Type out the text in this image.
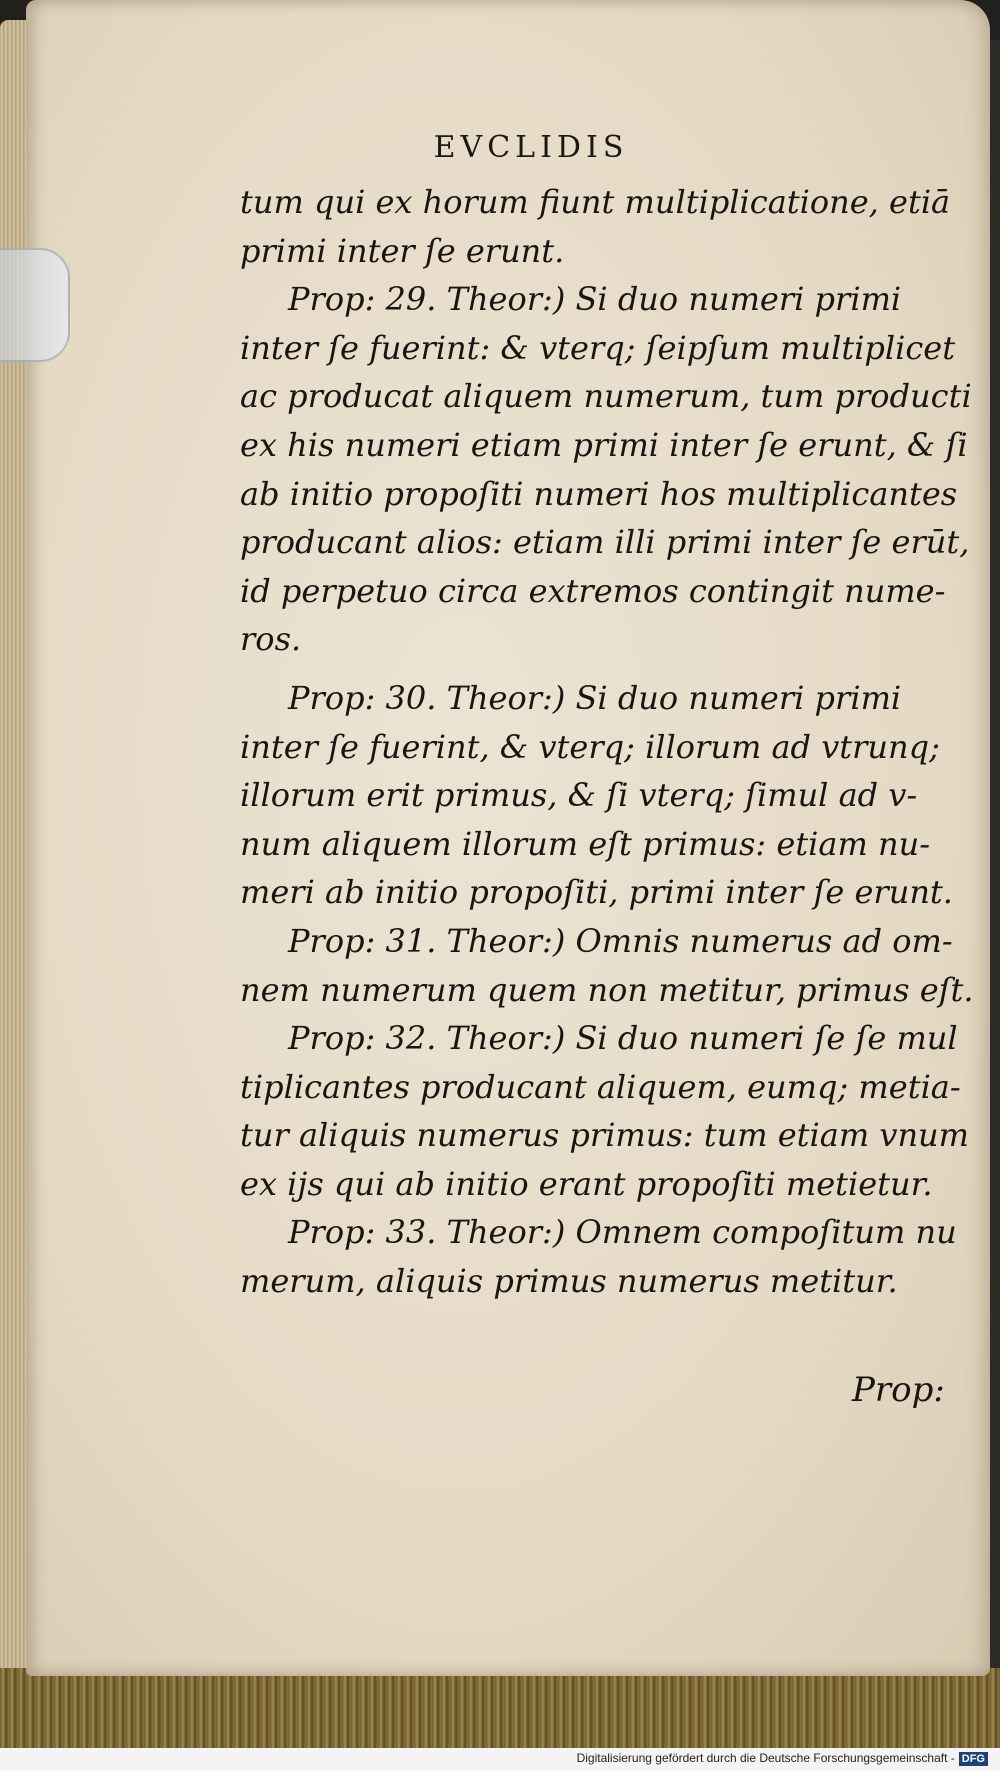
EVCLIDIS
tum qui ex horum fiunt multiplicatione, etiā
primi inter ſe erunt.
Prop: 29. Theor:) Si duo numeri primi
inter ſe fuerint: & vterq; ſeipſum multiplicet
ac producat aliquem numerum, tum producti
ex his numeri etiam primi inter ſe erunt, & ſi
ab initio propoſiti numeri hos multiplicantes
producant alios: etiam illi primi inter ſe erūt,
id perpetuo circa extremos contingit nume-
ros.
Prop: 30. Theor:) Si duo numeri primi
inter ſe fuerint, & vterq; illorum ad vtrunq;
illorum erit primus, & ſi vterq; ſimul ad v-
num aliquem illorum eſt primus: etiam nu-
meri ab initio propoſiti, primi inter ſe erunt.
Prop: 31. Theor:) Omnis numerus ad om-
nem numerum quem non metitur, primus eſt.
Prop: 32. Theor:) Si duo numeri ſe ſe mul
tiplicantes producant aliquem, eumq; metia-
tur aliquis numerus primus: tum etiam vnum
ex ijs qui ab initio erant propoſiti metietur.
Prop: 33. Theor:) Omnem compoſitum nu
merum, aliquis primus numerus metitur.
Prop:
Digitalisierung gefördert durch die Deutsche Forschungsgemeinschaft - DFG
